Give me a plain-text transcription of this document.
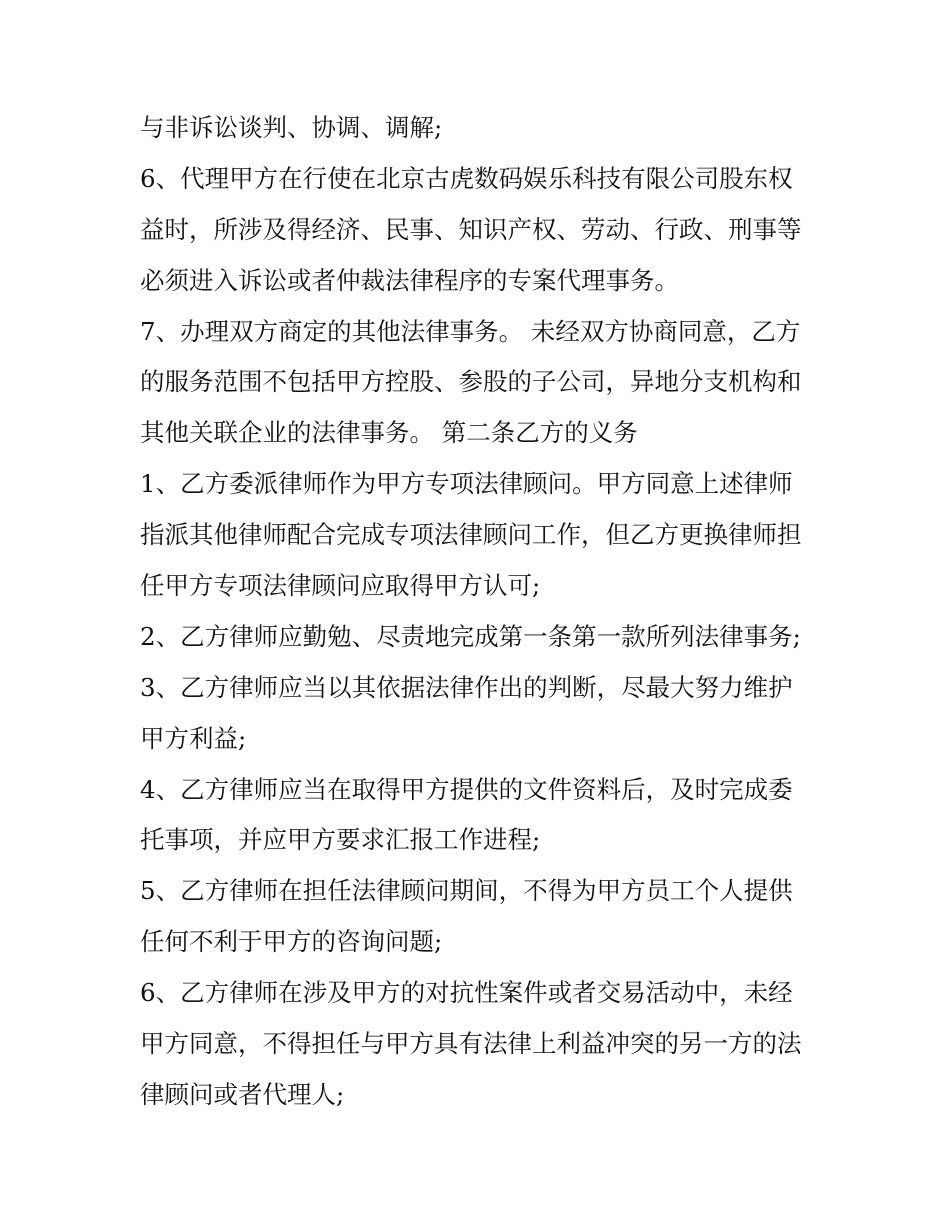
与非诉讼谈判、协调、调解;
6、代理甲方在行使在北京古虎数码娱乐科技有限公司股东权
益时，所涉及得经济、民事、知识产权、劳动、行政、刑事等
必须进入诉讼或者仲裁法律程序的专案代理事务。
7、办理双方商定的其他法律事务。 未经双方协商同意，乙方
的服务范围不包括甲方控股、参股的子公司，异地分支机构和
其他关联企业的法律事务。 第二条乙方的义务
1、乙方委派律师作为甲方专项法律顾问。甲方同意上述律师
指派其他律师配合完成专项法律顾问工作，但乙方更换律师担
任甲方专项法律顾问应取得甲方认可;
2、乙方律师应勤勉、尽责地完成第一条第一款所列法律事务;
3、乙方律师应当以其依据法律作出的判断，尽最大努力维护
甲方利益;
4、乙方律师应当在取得甲方提供的文件资料后，及时完成委
托事项，并应甲方要求汇报工作进程;
5、乙方律师在担任法律顾问期间，不得为甲方员工个人提供
任何不利于甲方的咨询问题;
6、乙方律师在涉及甲方的对抗性案件或者交易活动中，未经
甲方同意，不得担任与甲方具有法律上利益冲突的另一方的法
律顾问或者代理人;
